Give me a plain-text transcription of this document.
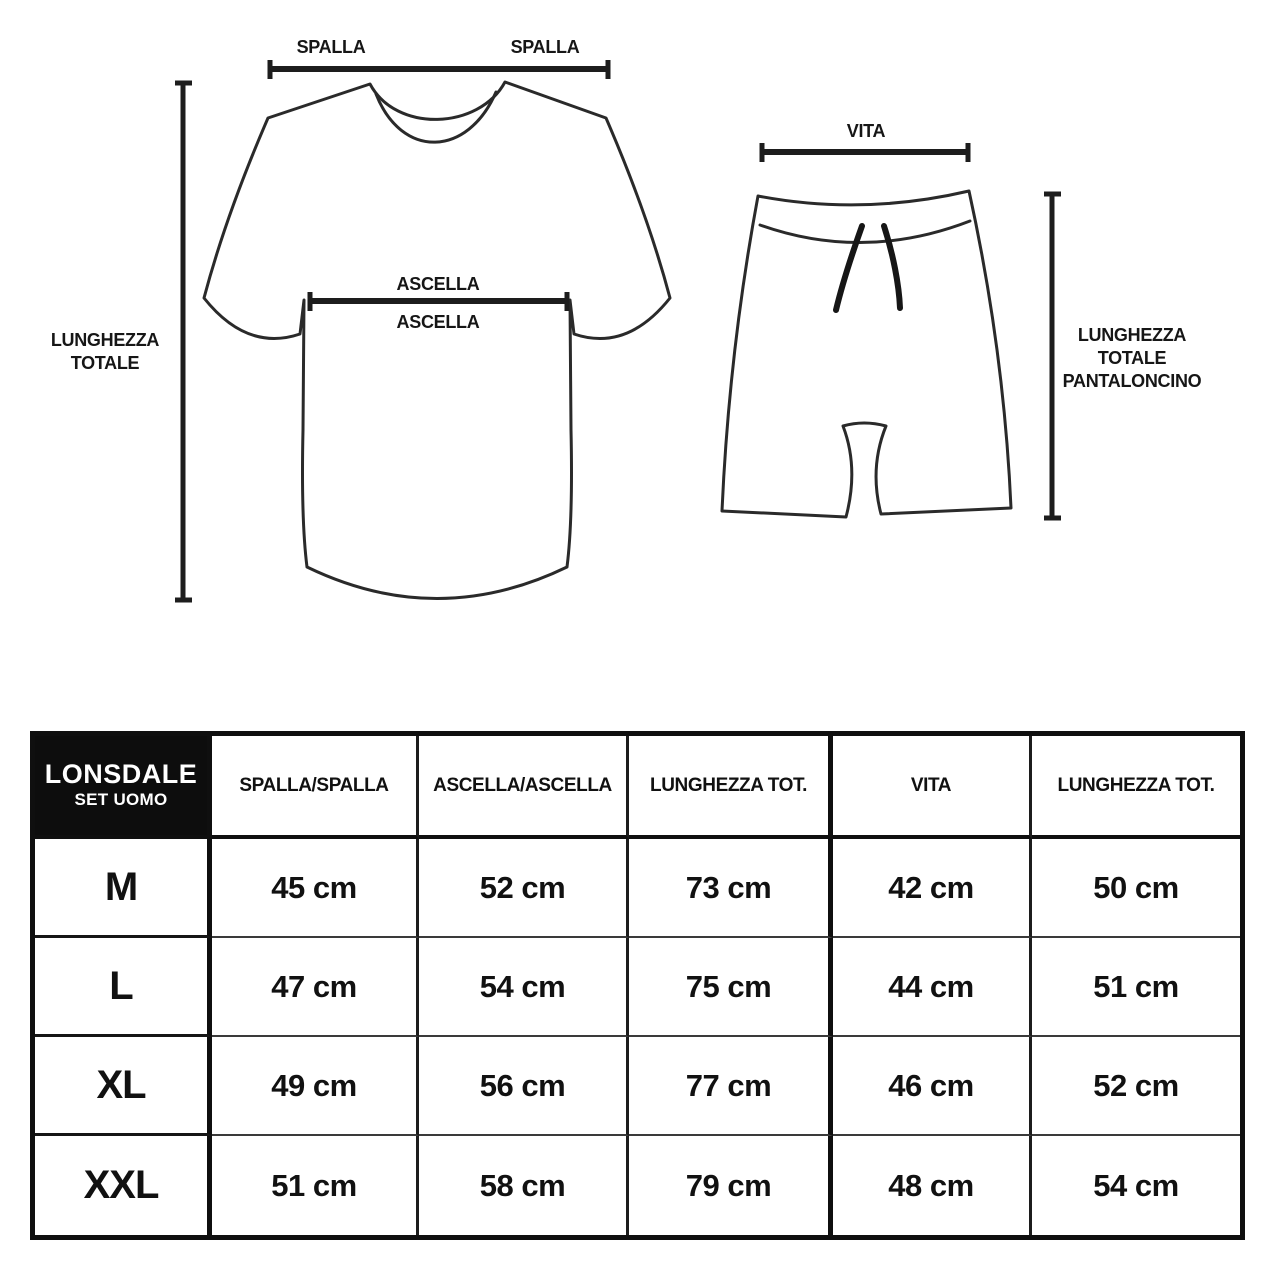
SPALLA	SPALLA
ASCELLA
ASCELLA
LUNGHEZZA
TOTALE
VITA
LUNGHEZZA
TOTALE
PANTALONCINO
LONSDALE
SET UOMO
SPALLA/SPALLA	ASCELLA/ASCELLA	LUNGHEZZA TOT.	VITA	LUNGHEZZA TOT.
M	45 cm	52 cm	73 cm	42 cm	50 cm
L	47 cm	54 cm	75 cm	44 cm	51 cm
XL	49 cm	56 cm	77 cm	46 cm	52 cm
XXL	51 cm	58 cm	79 cm	48 cm	54 cm
